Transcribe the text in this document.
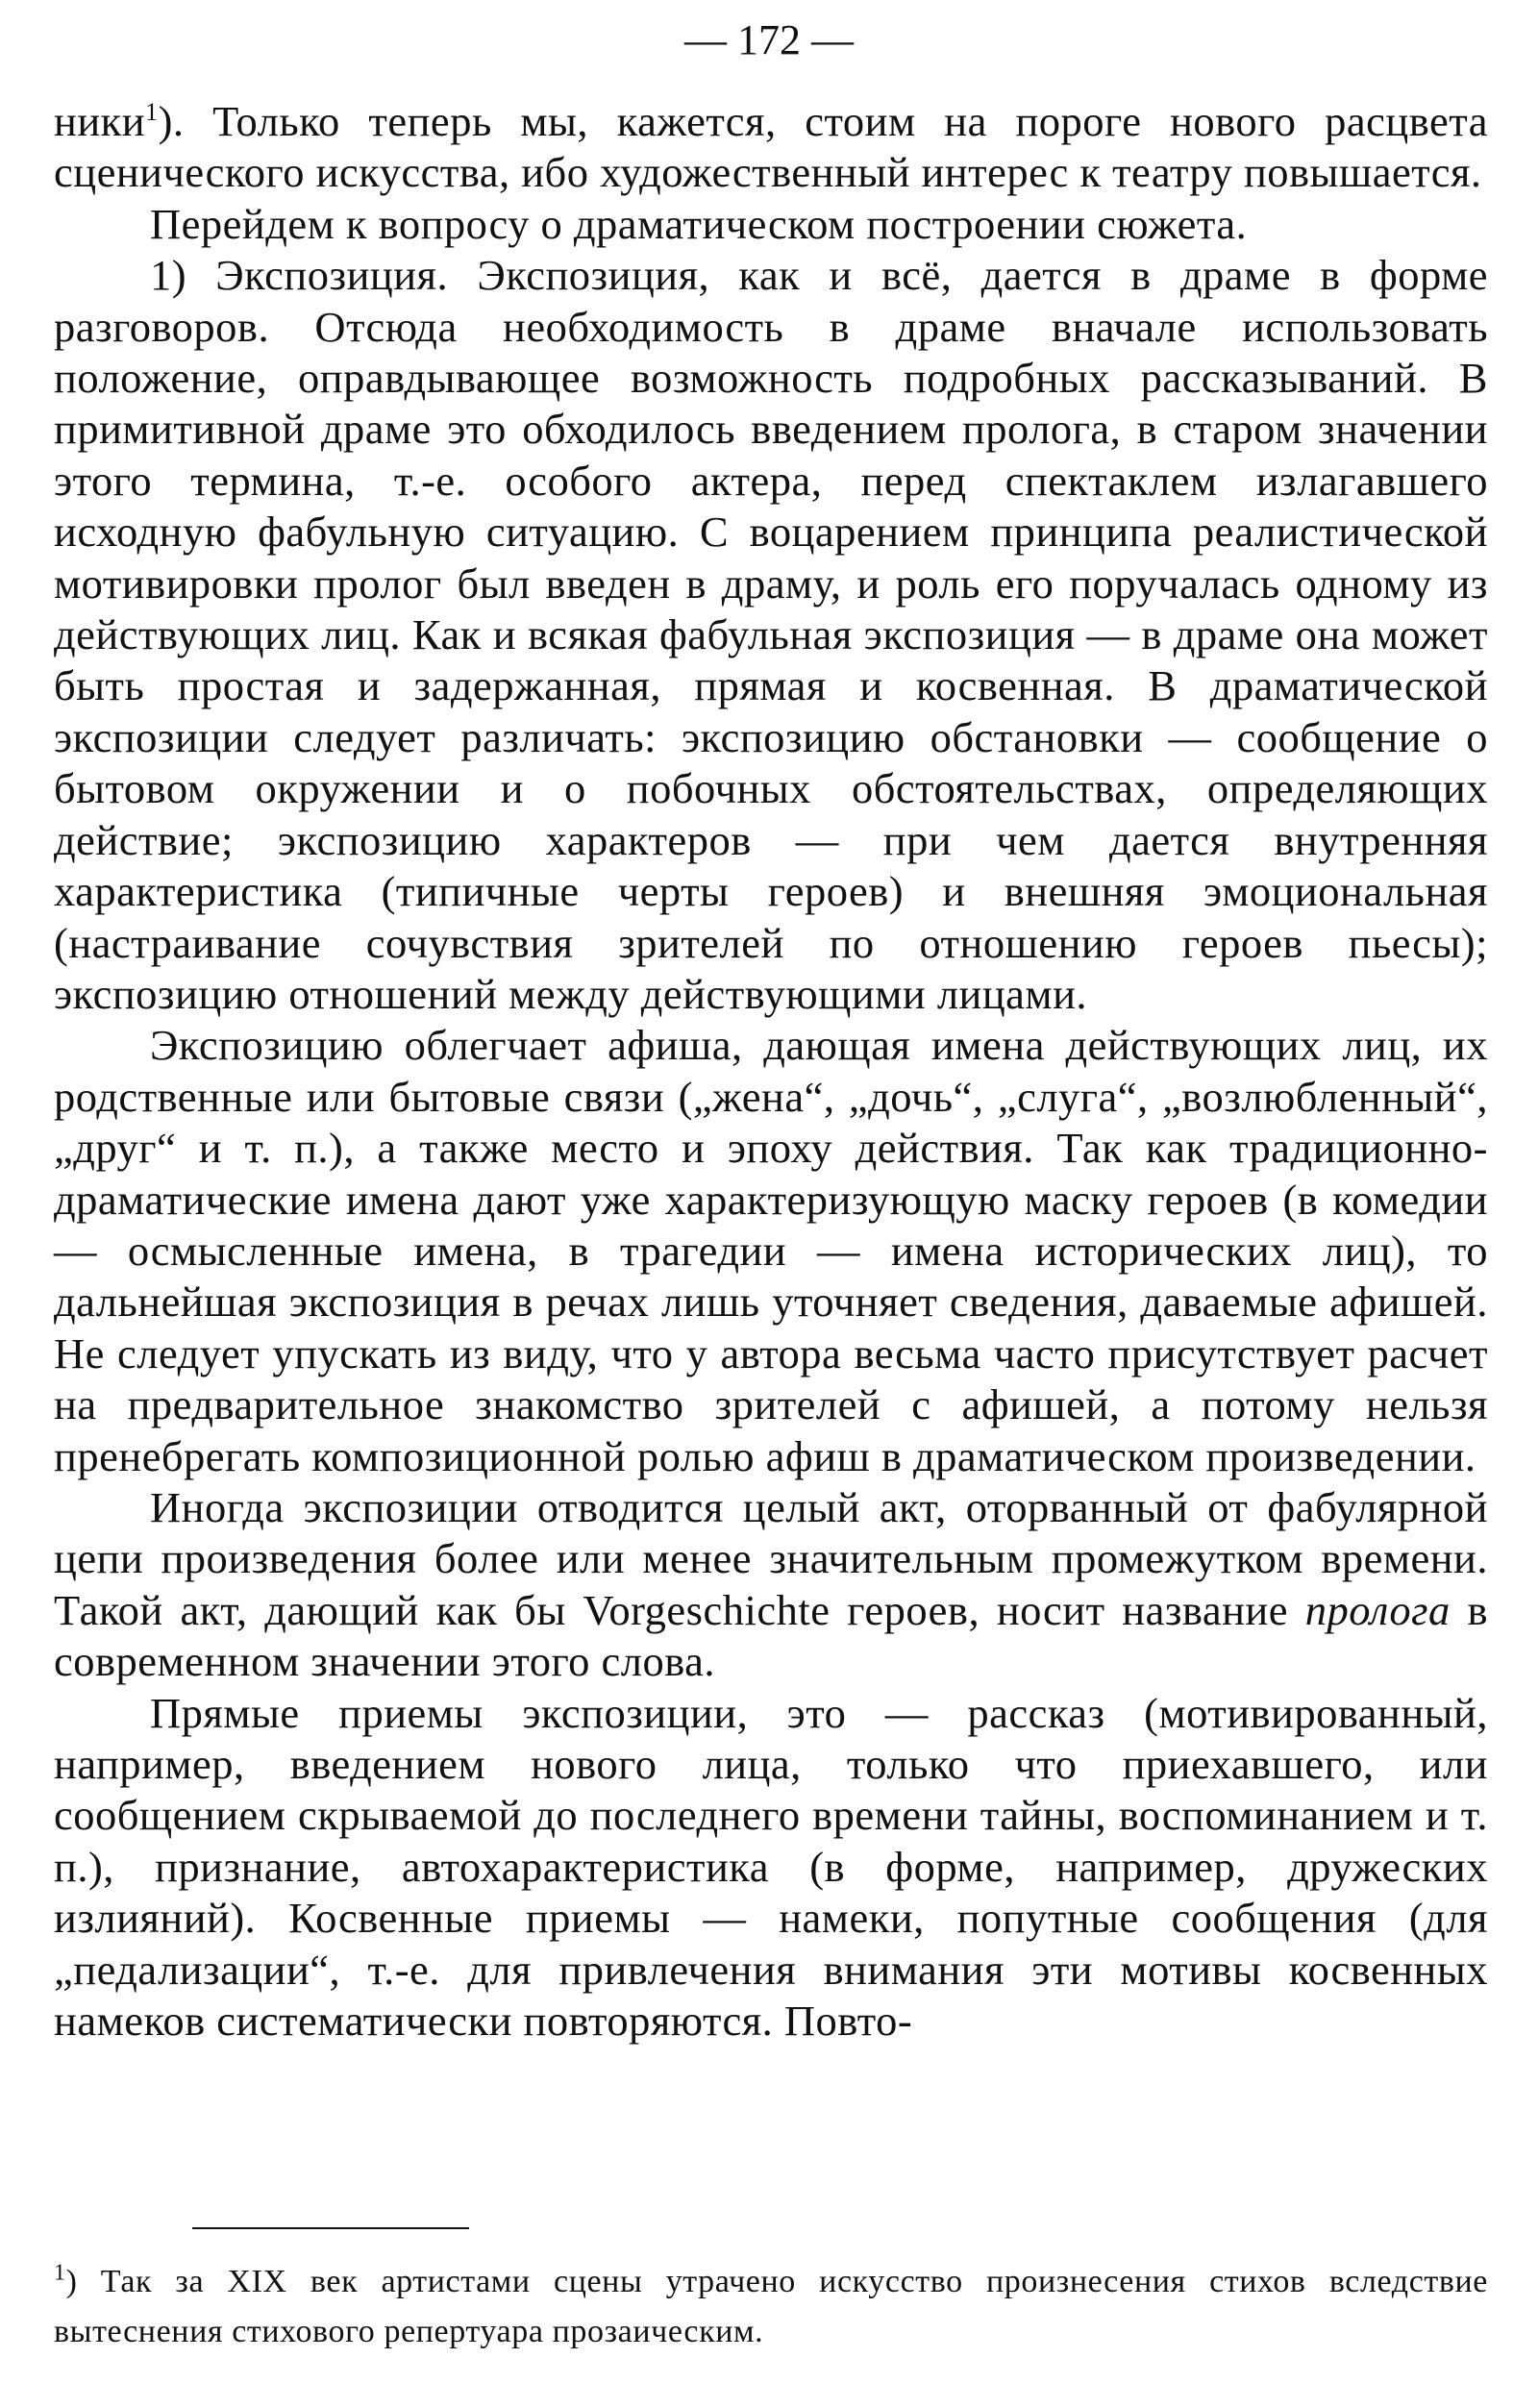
— 172 —

ники$^1$). Только теперь мы, кажется, стоим на пороге нового расцвета сценического искусства, ибо художественный интерес к театру повышается.

Перейдем к вопросу о драматическом построении сюжета.

1) Экспозиция. Экспозиция, как и всё, дается в драме в форме разговоров. Отсюда необходимость в драме вначале использовать положение, оправдывающее возможность подробных рассказываний. В примитивной драме это обходилось введением пролога, в старом значении этого термина, т.-е. особого актера, перед спектаклем излагавшего исходную фабульную ситуацию. С воцарением принципа реалистической мотивировки пролог был введен в драму, и роль его поручалась одному из действующих лиц. Как и всякая фабульная экспозиция — в драме она может быть простая и задержанная, прямая и косвенная. В драматической экспозиции следует различать: экспозицию обстановки — сообщение о бытовом окружении и о побочных обстоятельствах, определяющих действие; экспозицию характеров — при чем дается внутренняя характеристика (типичные черты героев) и внешняя эмоциональная (настраивание сочувствия зрителей по отношению героев пьесы); экспозицию отношений между действующими лицами.

Экспозицию облегчает афиша, дающая имена действующих лиц, их родственные или бытовые связи („жена“, „дочь“, „слуга“, „возлюбленный“, „друг“ и т. п.), а также место и эпоху действия. Так как традиционно-драматические имена дают уже характеризующую маску героев (в комедии — осмысленные имена, в трагедии — имена исторических лиц), то дальнейшая экспозиция в речах лишь уточняет сведения, даваемые афишей. Не следует упускать из виду, что у автора весьма часто присутствует расчет на предварительное знакомство зрителей с афишей, а потому нельзя пренебрегать композиционной ролью афиш в драматическом произведении.

Иногда экспозиции отводится целый акт, оторванный от фабулярной цепи произведения более или менее значительным промежутком времени. Такой акт, дающий как бы Vorgeschichte героев, носит название пролога в современном значении этого слова.

Прямые приемы экспозиции, это — рассказ (мотивированный, например, введением нового лица, только что приехавшего, или сообщением скрываемой до последнего времени тайны, воспоминанием и т. п.), признание, автохарактеристика (в форме, например, дружеских излияний). Косвенные приемы — намеки, попутные сообщения (для „педализации“, т.-е. для привлечения внимания эти мотивы косвенных намеков систематически повторяются. Повто-

$^1$) Так за XIX век артистами сцены утрачено искусство произнесения стихов вследствие вытеснения стихового репертуара прозаическим.
